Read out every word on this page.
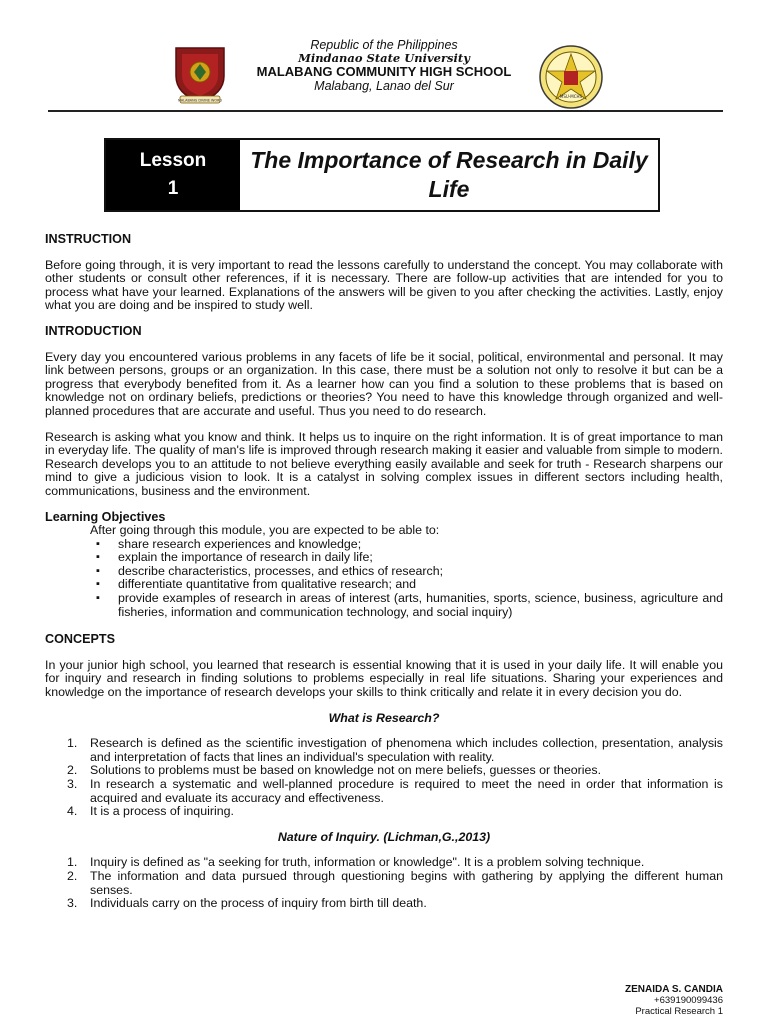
MALABANG DIVINE WORD
MSU-MCHS
Republic of the Philippines
Mindanao State University
MALABANG COMMUNITY HIGH SCHOOL
Malabang, Lanao del Sur
Lesson
1
The Importance of Research in Daily Life
INSTRUCTION

Before going through, it is very important to read the lessons carefully to understand the concept. You may collaborate with other students or consult other references, if it is necessary. There are follow-up activities that are intended for you to process what have your learned. Explanations of the answers will be given to you after checking the activities. Lastly, enjoy what you are doing and be inspired to study well.

INTRODUCTION

Every day you encountered various problems in any facets of life be it social, political, environmental and personal. It may link between persons, groups or an organization. In this case, there must be a solution not only to resolve it but can be a progress that everybody benefited from it. As a learner how can you find a solution to these problems that is based on knowledge not on ordinary beliefs, predictions or theories? You need to have this knowledge through organized and well-planned procedures that are accurate and useful. Thus you need to do research.

Research is asking what you know and think. It helps us to inquire on the right information. It is of great importance to man in everyday life. The quality of man's life is improved through research making it easier and valuable from simple to modern. Research develops you to an attitude to not believe everything easily available and seek for truth - Research sharpens our mind to give a judicious vision to look. It is a catalyst in solving complex issues in different sectors including health, communications, business and the environment.

Learning Objectives
After going through this module, you are expected to be able to:
▪ share research experiences and knowledge;
▪ explain the importance of research in daily life;
▪ describe characteristics, processes, and ethics of research;
▪ differentiate quantitative from qualitative research; and
▪ provide examples of research in areas of interest (arts, humanities, sports, science, business, agriculture and fisheries, information and communication technology, and social inquiry)
CONCEPTS

In your junior high school, you learned that research is essential knowing that it is used in your daily life. It will enable you for inquiry and research in finding solutions to problems especially in real life situations. Sharing your experiences and knowledge on the importance of research develops your skills to think critically and relate it in every decision you do.

What is Research?
1. Research is defined as the scientific investigation of phenomena which includes collection, presentation, analysis and interpretation of facts that lines an individual's speculation with reality.
2. Solutions to problems must be based on knowledge not on mere beliefs, guesses or theories.
3. In research a systematic and well-planned procedure is required to meet the need in order that information is acquired and evaluate its accuracy and effectiveness.
4. It is a process of inquiring.
Nature of Inquiry. (Lichman,G.,2013)
1. Inquiry is defined as "a seeking for truth, information or knowledge". It is a problem solving technique.
2. The information and data pursued through questioning begins with gathering by applying the different human senses.
3. Individuals carry on the process of inquiry from birth till death.
ZENAIDA S. CANDIA
+639190099436
Practical Research 1
